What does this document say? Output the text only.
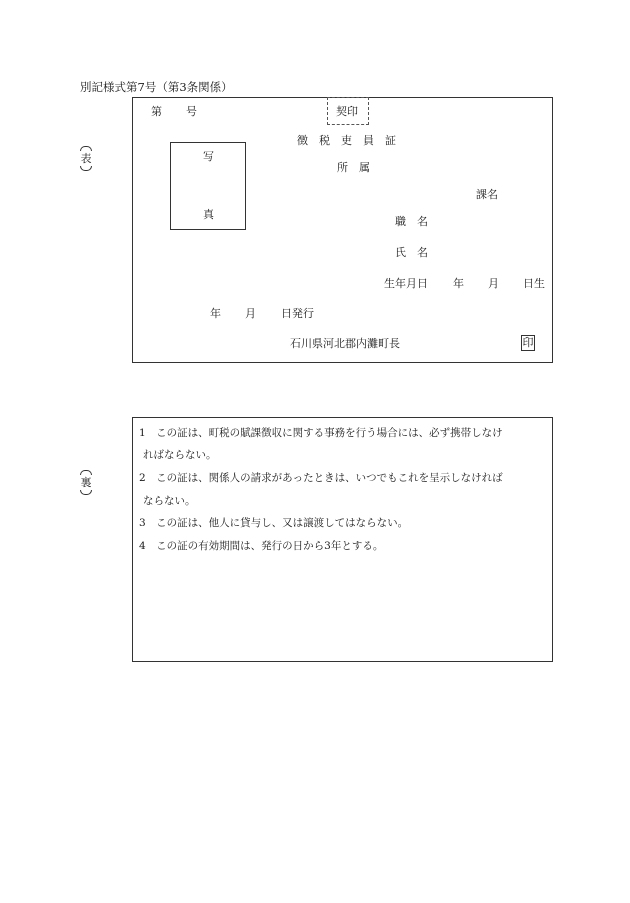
別記様式第7号（第3条関係）
表
第 号	契印
徴　税　吏　員　証
写
真
所　属
課名
職　名
氏　名
生年月日 年 月 日生
年 月 日発行
石川県河北郡内灘町長	印
裏
1　この証は、町税の賦課徴収に関する事務を行う場合には、必ず携帯しなけ
ればならない。
2　この証は、関係人の請求があったときは、いつでもこれを呈示しなければ
ならない。
3　この証は、他人に貸与し、又は譲渡してはならない。
4　この証の有効期間は、発行の日から3年とする。
